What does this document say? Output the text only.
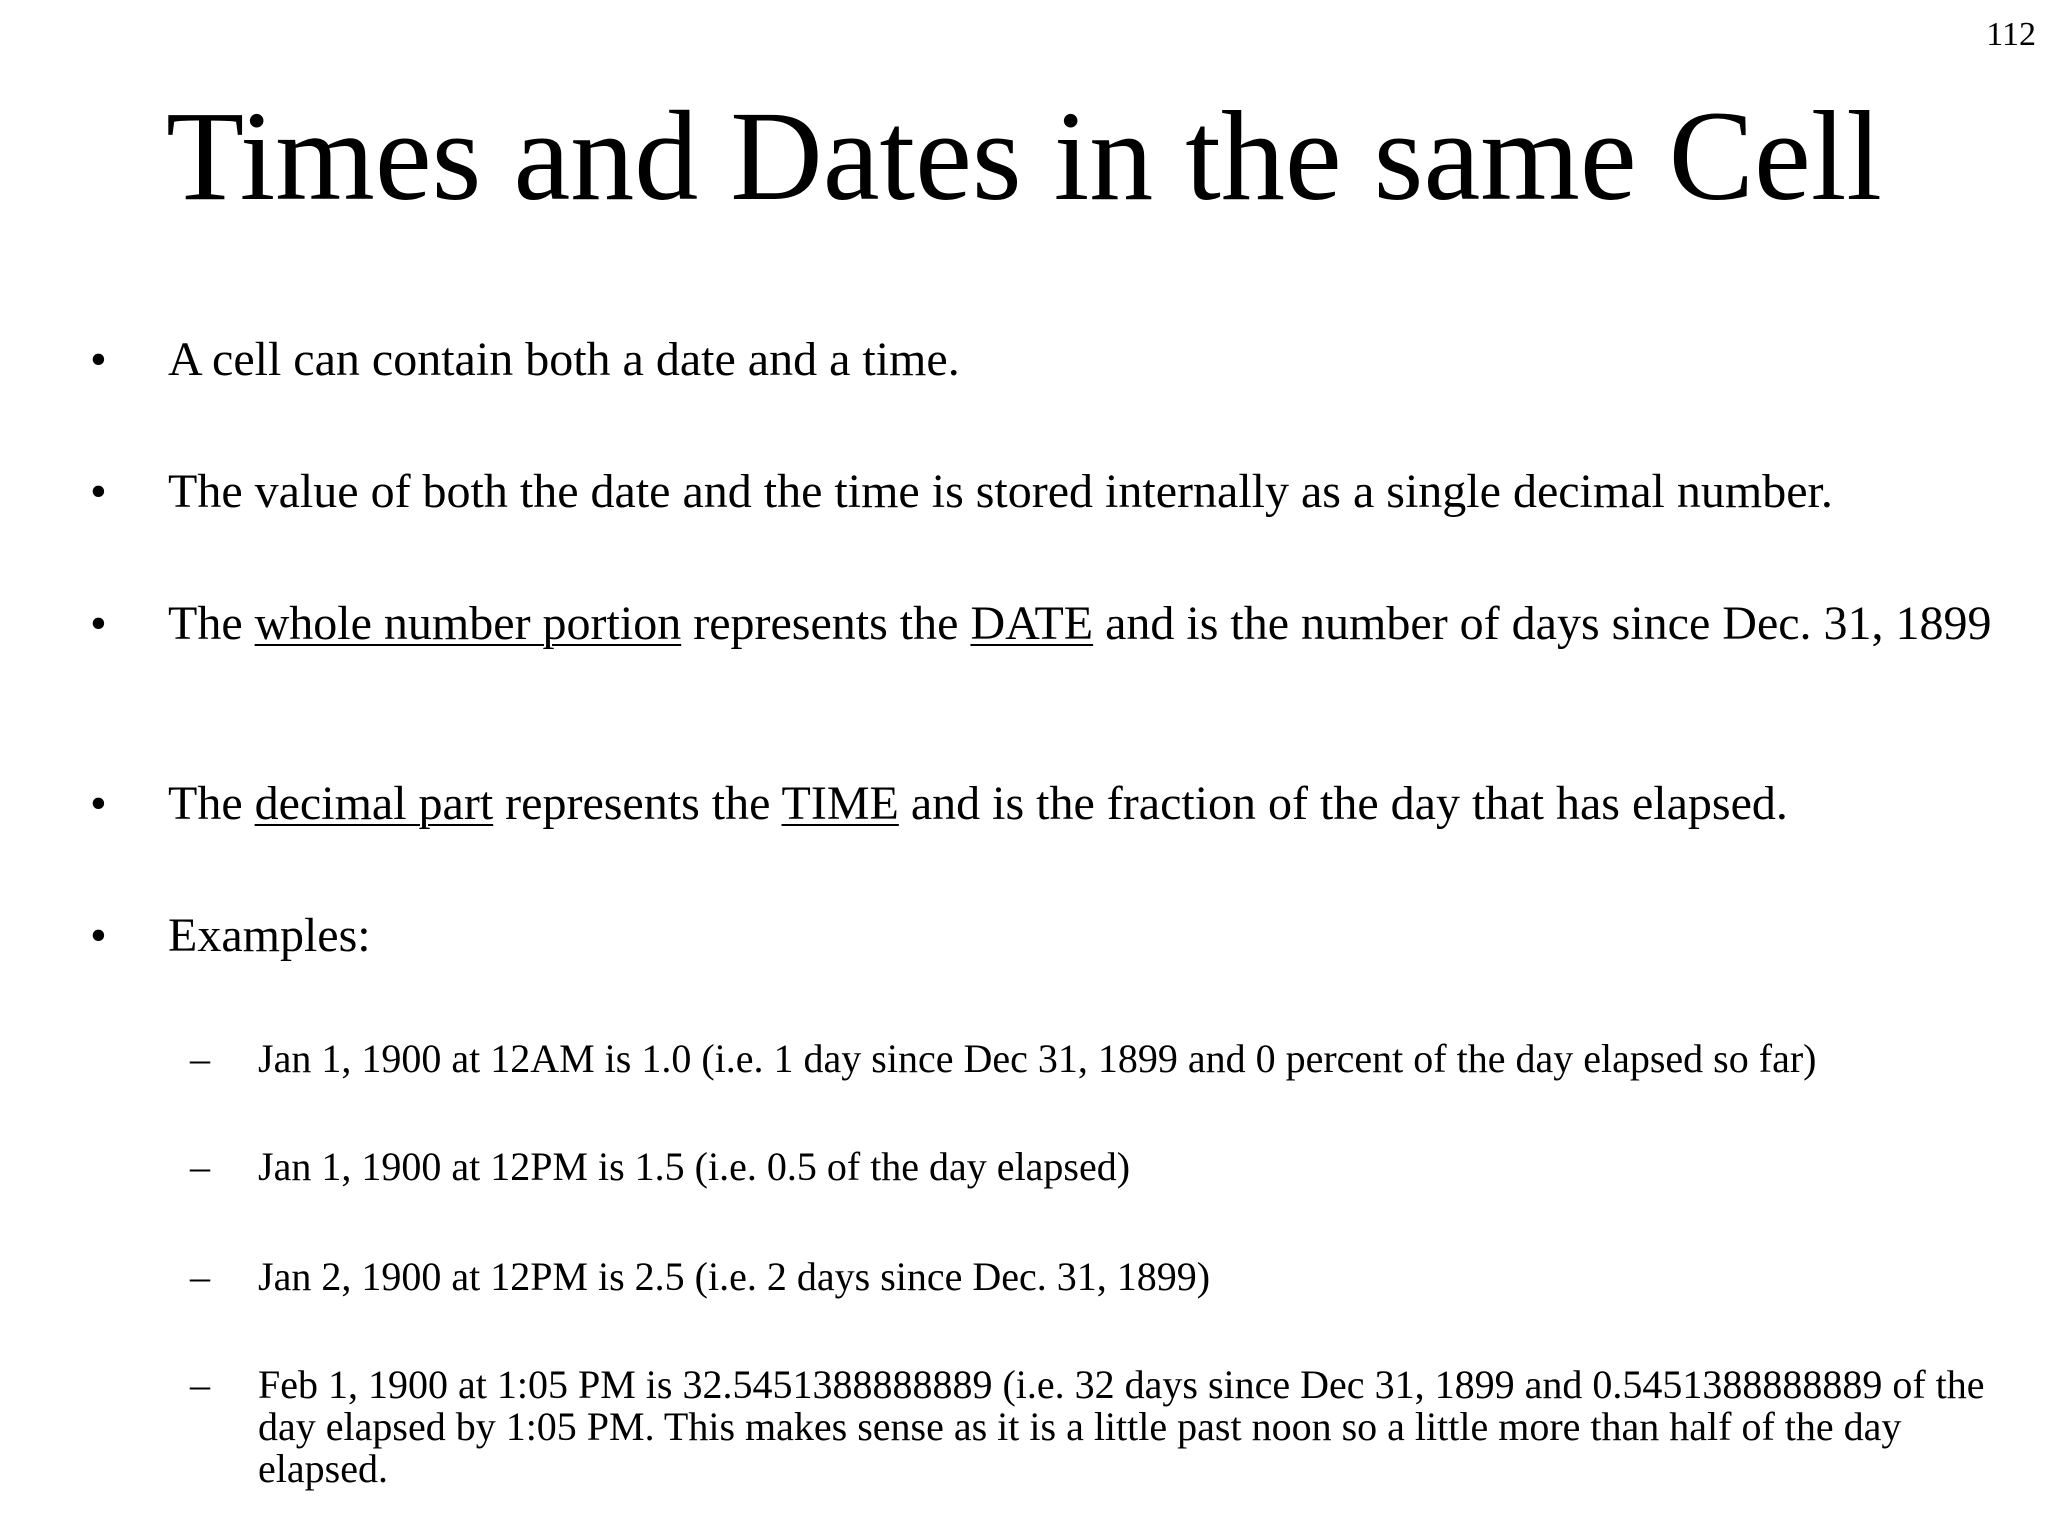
112
Times and Dates in the same Cell
• A cell can contain both a date and a time.
• The value of both the date and the time is stored internally as a single decimal number.
• The whole number portion represents the DATE and is the number of days since Dec. 31, 1899
• The decimal part represents the TIME and is the fraction of the day that has elapsed.
• Examples:
– Jan 1, 1900 at 12AM is 1.0 (i.e. 1 day since Dec 31, 1899 and 0 percent of the day elapsed so far)
– Jan 1, 1900 at 12PM is 1.5 (i.e. 0.5 of the day elapsed)
– Jan 2, 1900 at 12PM is 2.5 (i.e. 2 days since Dec. 31, 1899)
– Feb 1, 1900 at 1:05 PM is 32.5451388888889 (i.e. 32 days since Dec 31, 1899 and 0.5451388888889 of the day elapsed by 1:05 PM. This makes sense as it is a little past noon so a little more than half of the day elapsed.
